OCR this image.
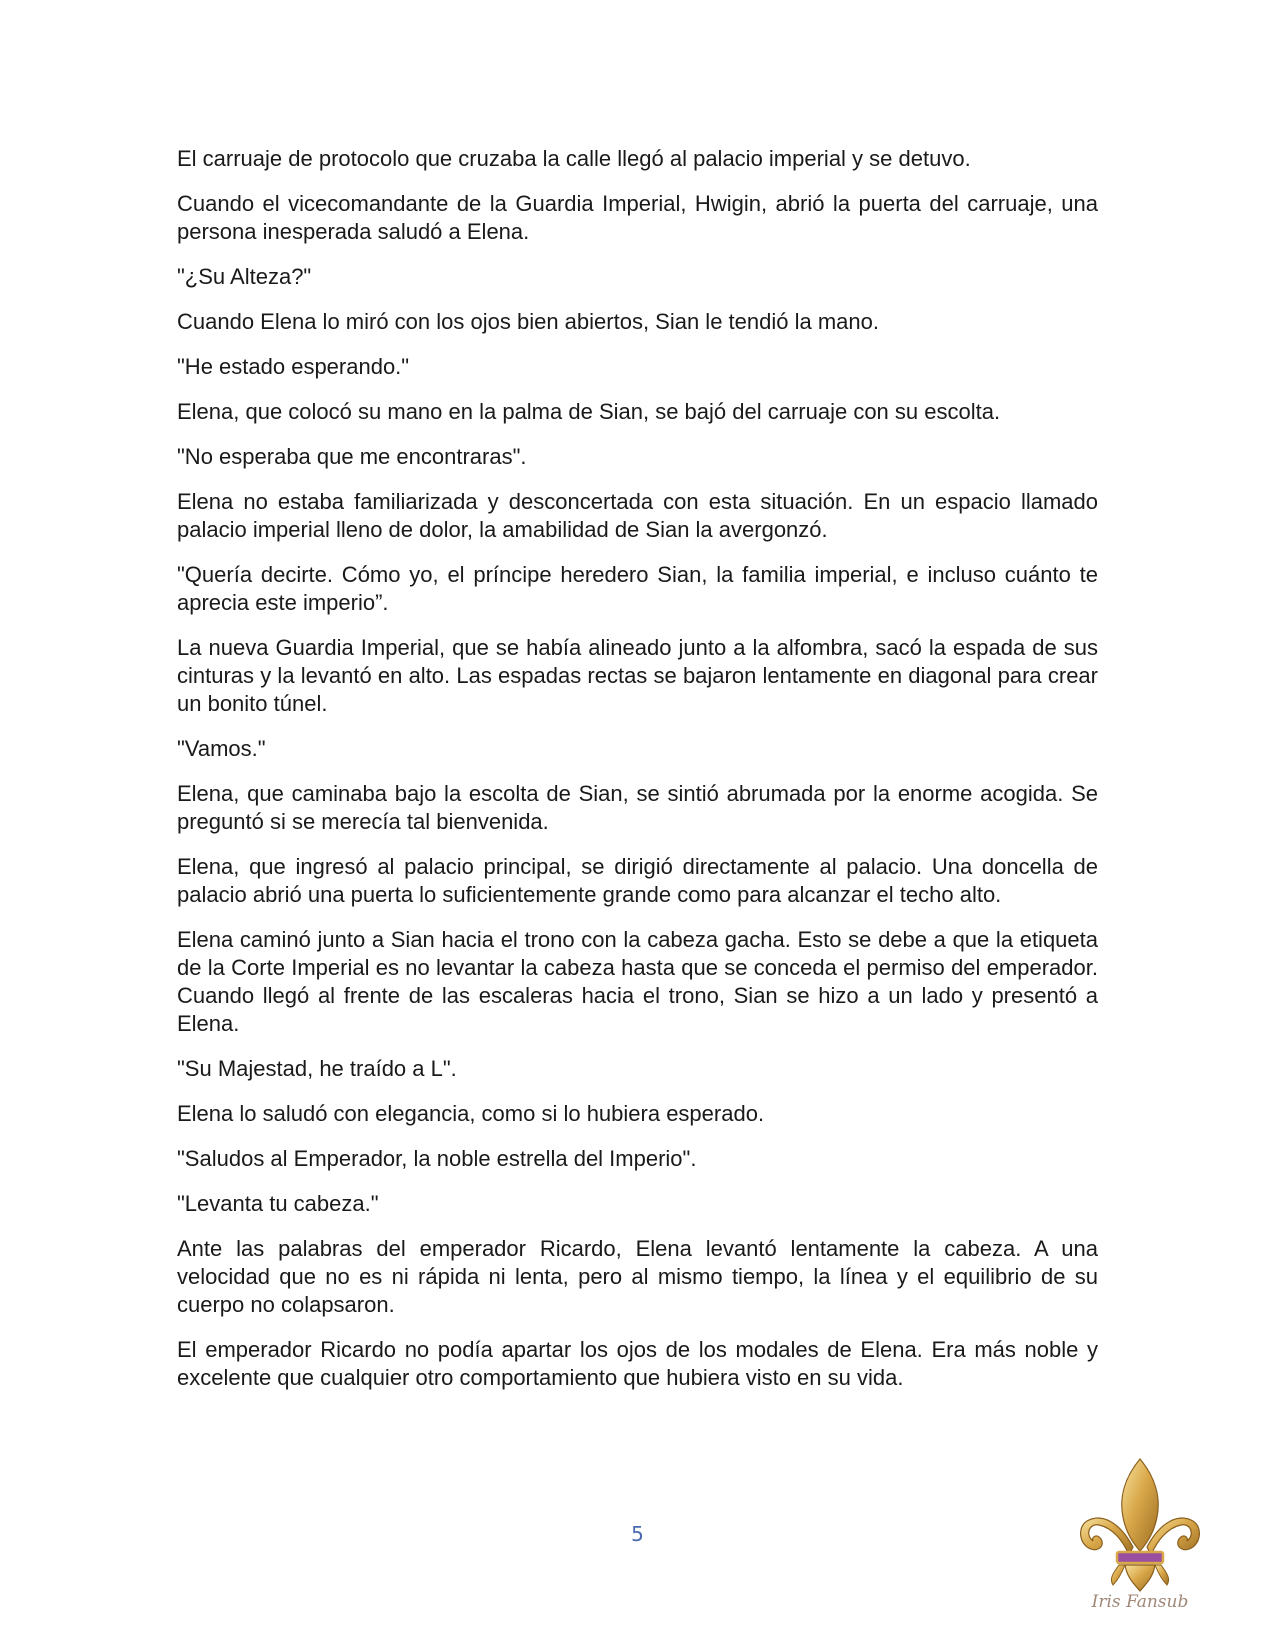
El carruaje de protocolo que cruzaba la calle llegó al palacio imperial y se detuvo.

Cuando el vicecomandante de la Guardia Imperial, Hwigin, abrió la puerta del carruaje, una persona inesperada saludó a Elena.

"¿Su Alteza?"

Cuando Elena lo miró con los ojos bien abiertos, Sian le tendió la mano.

"He estado esperando."

Elena, que colocó su mano en la palma de Sian, se bajó del carruaje con su escolta.

"No esperaba que me encontraras".

Elena no estaba familiarizada y desconcertada con esta situación. En un espacio llamado palacio imperial lleno de dolor, la amabilidad de Sian la avergonzó.

"Quería decirte. Cómo yo, el príncipe heredero Sian, la familia imperial, e incluso cuánto te aprecia este imperio”.

La nueva Guardia Imperial, que se había alineado junto a la alfombra, sacó la espada de sus cinturas y la levantó en alto. Las espadas rectas se bajaron lentamente en diagonal para crear un bonito túnel.

"Vamos."

Elena, que caminaba bajo la escolta de Sian, se sintió abrumada por la enorme acogida. Se preguntó si se merecía tal bienvenida.

Elena, que ingresó al palacio principal, se dirigió directamente al palacio. Una doncella de palacio abrió una puerta lo suficientemente grande como para alcanzar el techo alto.

Elena caminó junto a Sian hacia el trono con la cabeza gacha. Esto se debe a que la etiqueta de la Corte Imperial es no levantar la cabeza hasta que se conceda el permiso del emperador. Cuando llegó al frente de las escaleras hacia el trono, Sian se hizo a un lado y presentó a Elena.

"Su Majestad, he traído a L".

Elena lo saludó con elegancia, como si lo hubiera esperado.

"Saludos al Emperador, la noble estrella del Imperio".

"Levanta tu cabeza."

Ante las palabras del emperador Ricardo, Elena levantó lentamente la cabeza. A una velocidad que no es ni rápida ni lenta, pero al mismo tiempo, la línea y el equilibrio de su cuerpo no colapsaron.

El emperador Ricardo no podía apartar los ojos de los modales de Elena. Era más noble y excelente que cualquier otro comportamiento que hubiera visto en su vida.

5
Iris Fansub
